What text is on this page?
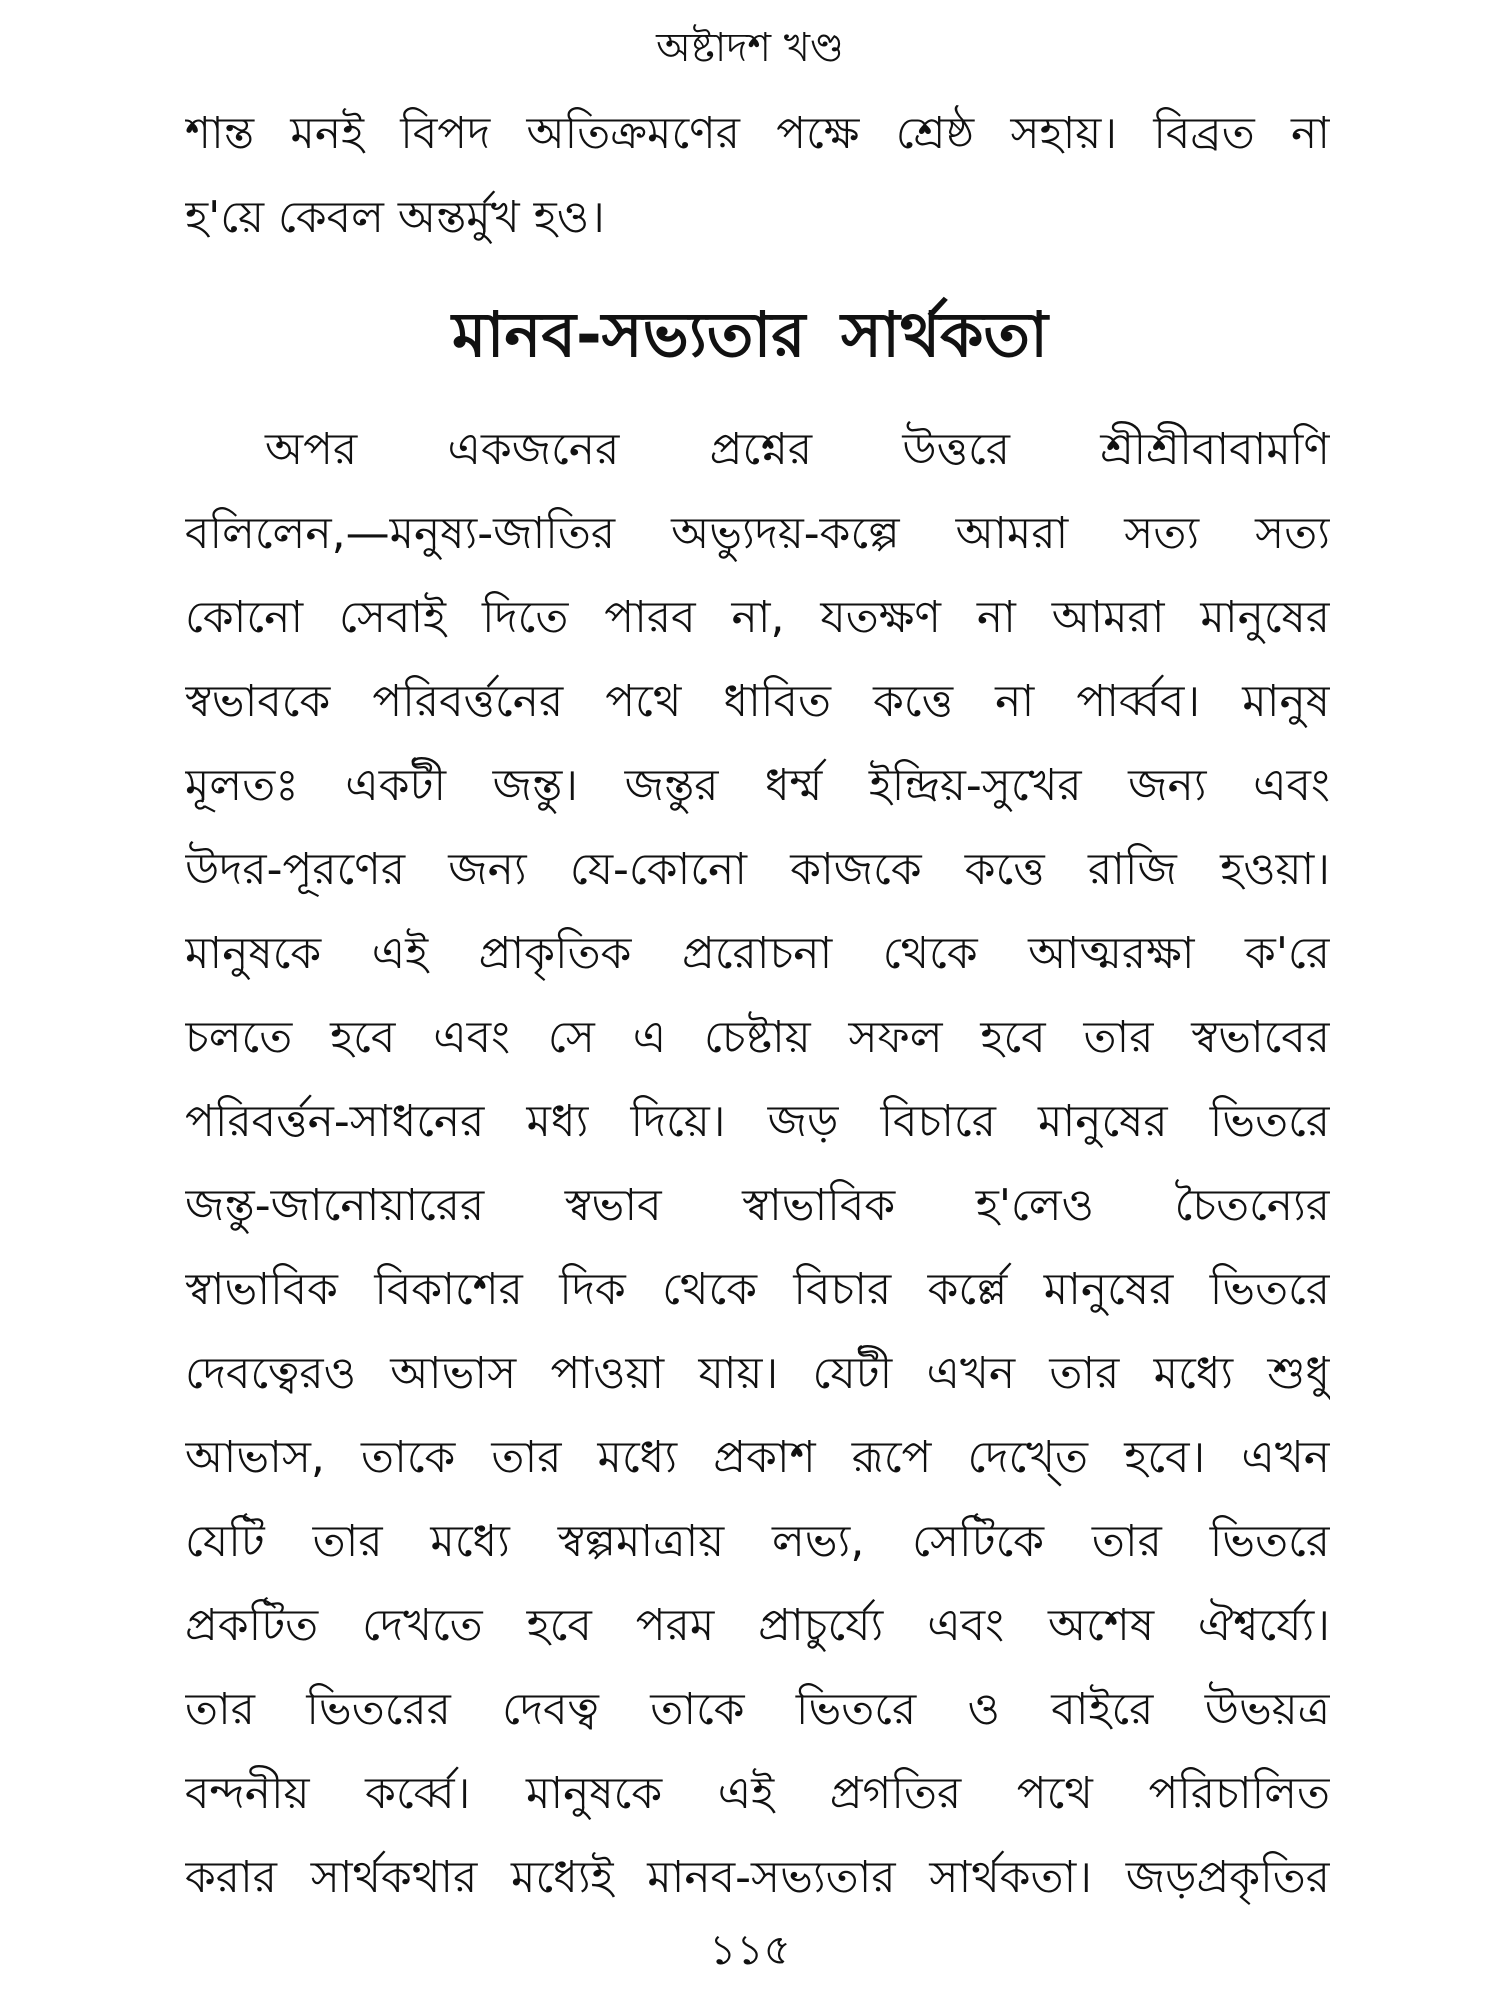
অষ্টাদশ খণ্ড
শান্ত মনই বিপদ অতিক্রমণের পক্ষে শ্রেষ্ঠ সহায়। বিব্রত না
হ'য়ে কেবল অন্তর্মুখ হও।
মানব-সভ্যতার সার্থকতা
অপর একজনের প্রশ্নের উত্তরে শ্রীশ্রীবাবামণি
বলিলেন,—মনুষ্য-জাতির অভ্যুদয়-কল্পে আমরা সত্য সত্য
কোনো সেবাই দিতে পারব না, যতক্ষণ না আমরা মানুষের
স্বভাবকে পরিবর্ত্তনের পথে ধাবিত কত্তে না পার্ব্বব। মানুষ
মূলতঃ একটী জন্তু। জন্তুর ধর্ম্ম ইন্দ্রিয়-সুখের জন্য এবং
উদর-পূরণের জন্য যে-কোনো কাজকে কত্তে রাজি হওয়া।
মানুষকে এই প্রাকৃতিক প্ররোচনা থেকে আত্মরক্ষা ক'রে
চলতে হবে এবং সে এ চেষ্টায় সফল হবে তার স্বভাবের
পরিবর্ত্তন-সাধনের মধ্য দিয়ে। জড় বিচারে মানুষের ভিতরে
জন্তু-জানোয়ারের স্বভাব স্বাভাবিক হ'লেও চৈতন্যের
স্বাভাবিক বিকাশের দিক থেকে বিচার কর্ল্লে মানুষের ভিতরে
দেবত্বেরও আভাস পাওয়া যায়। যেটী এখন তার মধ্যে শুধু
আভাস, তাকে তার মধ্যে প্রকাশ রূপে দেখ্তে হবে। এখন
যেটি তার মধ্যে স্বল্পমাত্রায় লভ্য, সেটিকে তার ভিতরে
প্রকটিত দেখতে হবে পরম প্রাচুর্য্যে এবং অশেষ ঐশ্বর্য্যে।
তার ভিতরের দেবত্ব তাকে ভিতরে ও বাইরে উভয়ত্র
বন্দনীয় কর্ব্বে। মানুষকে এই প্রগতির পথে পরিচালিত
করার সার্থকথার মধ্যেই মানব-সভ্যতার সার্থকতা। জড়প্রকৃতির
১১৫
